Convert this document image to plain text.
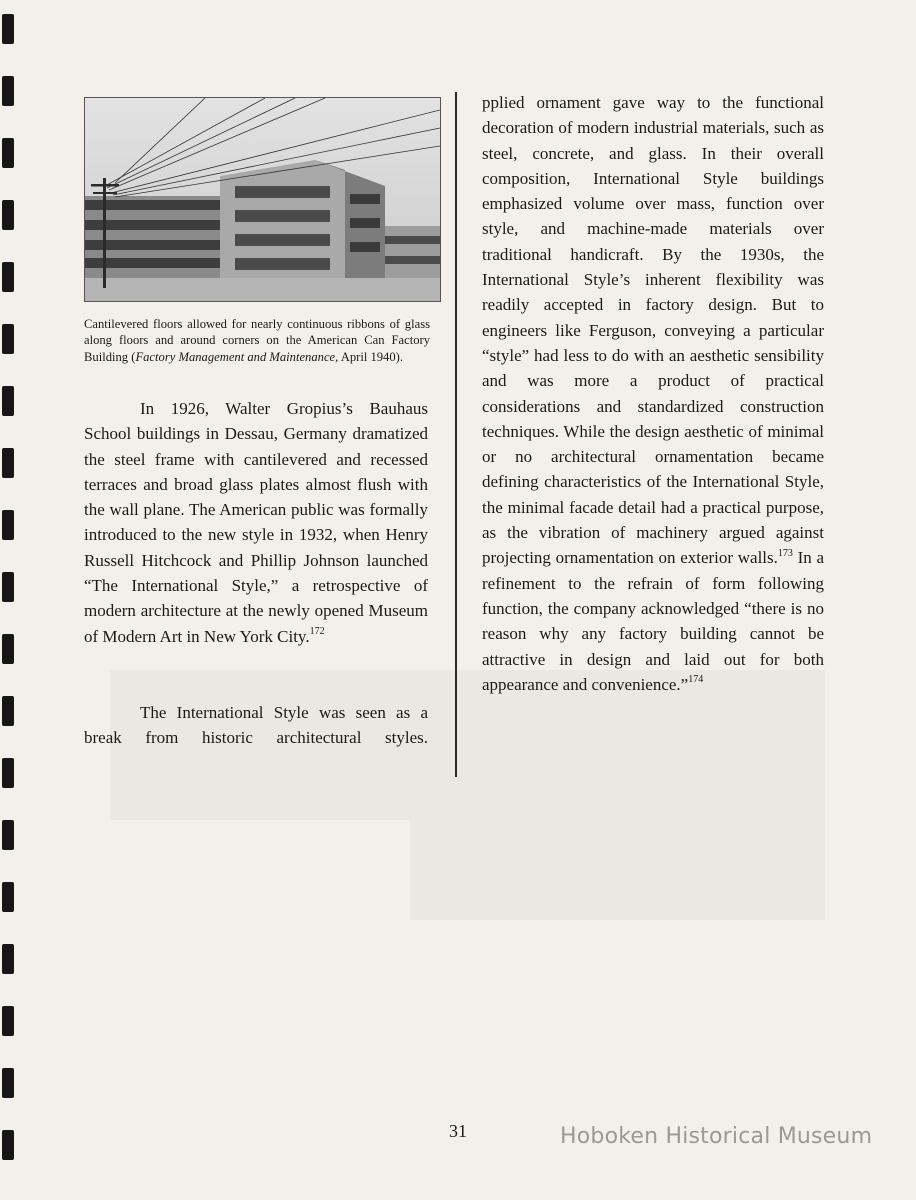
Cantilevered floors allowed for nearly continuous ribbons of glass along floors and around corners on the American Can Factory Building (Factory Management and Maintenance, April 1940).

In 1926, Walter Gropius’s Bauhaus School buildings in Dessau, Germany dramatized the steel frame with cantilevered and recessed terraces and broad glass plates almost flush with the wall plane. The American public was formally introduced to the new style in 1932, when Henry Russell Hitchcock and Phillip Johnson launched “The International Style,” a retrospective of modern architecture at the newly opened Museum of Modern Art in New York City.$^{172}$

The International Style was seen as a break from historic architectural styles.

pplied ornament gave way to the functional decoration of modern industrial materials, such as steel, concrete, and glass. In their overall composition, International Style buildings emphasized volume over mass, function over style, and machine-made materials over traditional handicraft. By the 1930s, the International Style’s inherent flexibility was readily accepted in factory design. But to engineers like Ferguson, conveying a particular “style” had less to do with an aesthetic sensibility and was more a product of practical considerations and standardized construction techniques. While the design aesthetic of minimal or no architectural ornamentation became defining characteristics of the International Style, the minimal facade detail had a practical purpose, as the vibration of machinery argued against projecting ornamentation on exterior walls.$^{173}$ In a refinement to the refrain of form following function, the company acknowledged “there is no reason why any factory building cannot be attractive in design and laid out for both appearance and convenience.”$^{174}$

31	Hoboken Historical Museum
